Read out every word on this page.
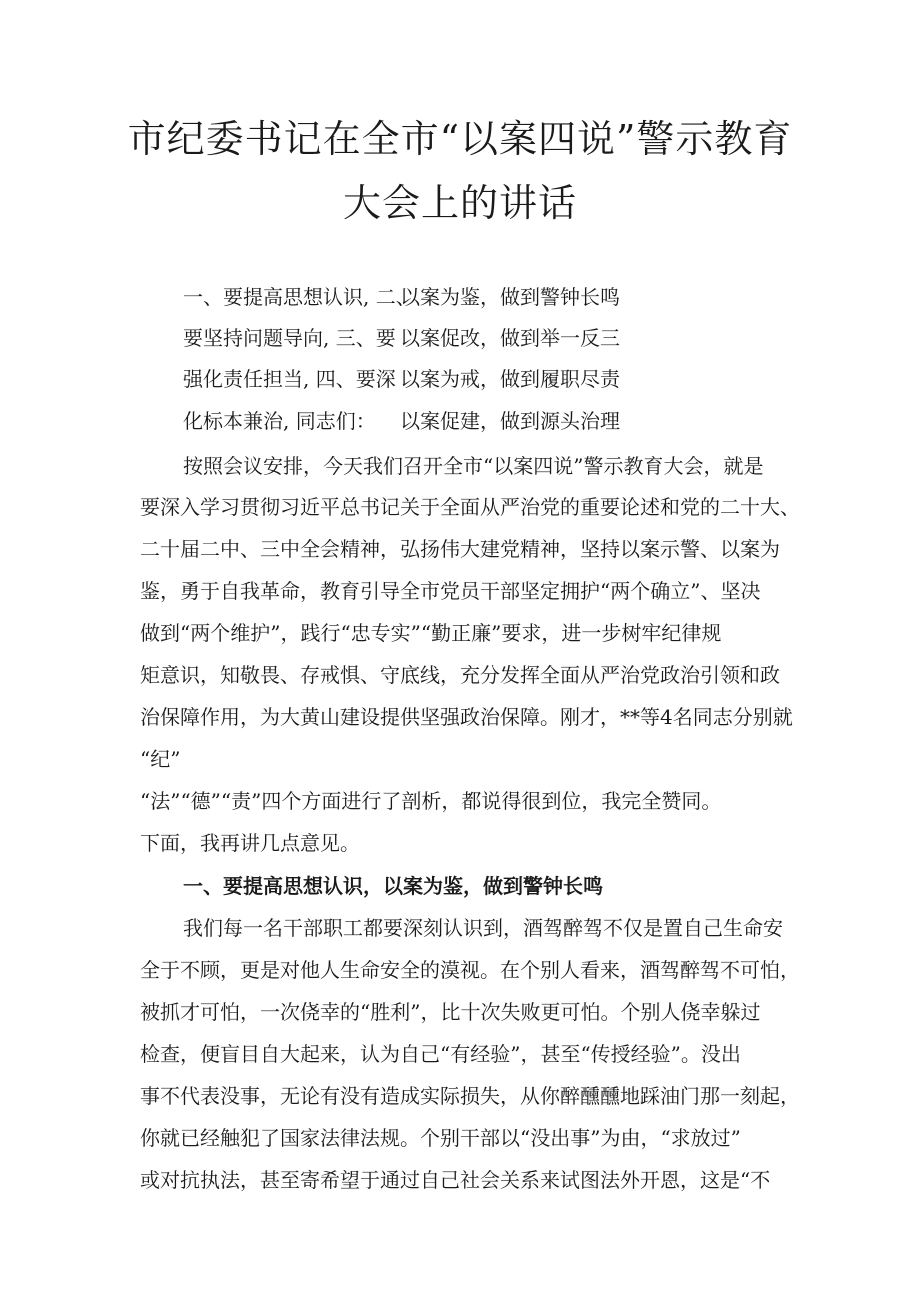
市纪委书记在全市“以案四说”警示教育
大会上的讲话
一、要提高思想认识, 二、
以案为鉴，做到警钟长鸣
要坚持问题导向, 三、要 以案促改，做到举一反三
强化责任担当, 四、要深 以案为戒，做到履职尽责
化标本兼治, 同志们：	以案促建，做到源头治理
按照会议安排，今天我们召开全市“以案四说”警示教育大会，就是
要深入学习贯彻习近平总书记关于全面从严治党的重要论述和党的二十大、
二十届二中、三中全会精神，弘扬伟大建党精神，坚持以案示警、以案为
鉴，勇于自我革命，教育引导全市党员干部坚定拥护“两个确立”、坚决
做到“两个维护”，践行“忠专实”“勤正廉”要求，进一步树牢纪律规
矩意识，知敬畏、存戒惧、守底线，充分发挥全面从严治党政治引领和政
治保障作用，为大黄山建设提供坚强政治保障。刚才，**等4名同志分别就
“纪”
“法”“德”“责”四个方面进行了剖析，都说得很到位，我完全赞同。
下面，我再讲几点意见。
一、要提高思想认识，以案为鉴，做到警钟长鸣
我们每一名干部职工都要深刻认识到，酒驾醉驾不仅是置自己生命安
全于不顾，更是对他人生命安全的漠视。在个别人看来，酒驾醉驾不可怕，
被抓才可怕，一次侥幸的“胜利”，比十次失败更可怕。个别人侥幸躲过
检查，便盲目自大起来，认为自己“有经验”，甚至“传授经验”。没出
事不代表没事，无论有没有造成实际损失，从你醉醺醺地踩油门那一刻起，
你就已经触犯了国家法律法规。个别干部以“没出事”为由，“求放过”
或对抗执法，甚至寄希望于通过自己社会关系来试图法外开恩，这是“不
